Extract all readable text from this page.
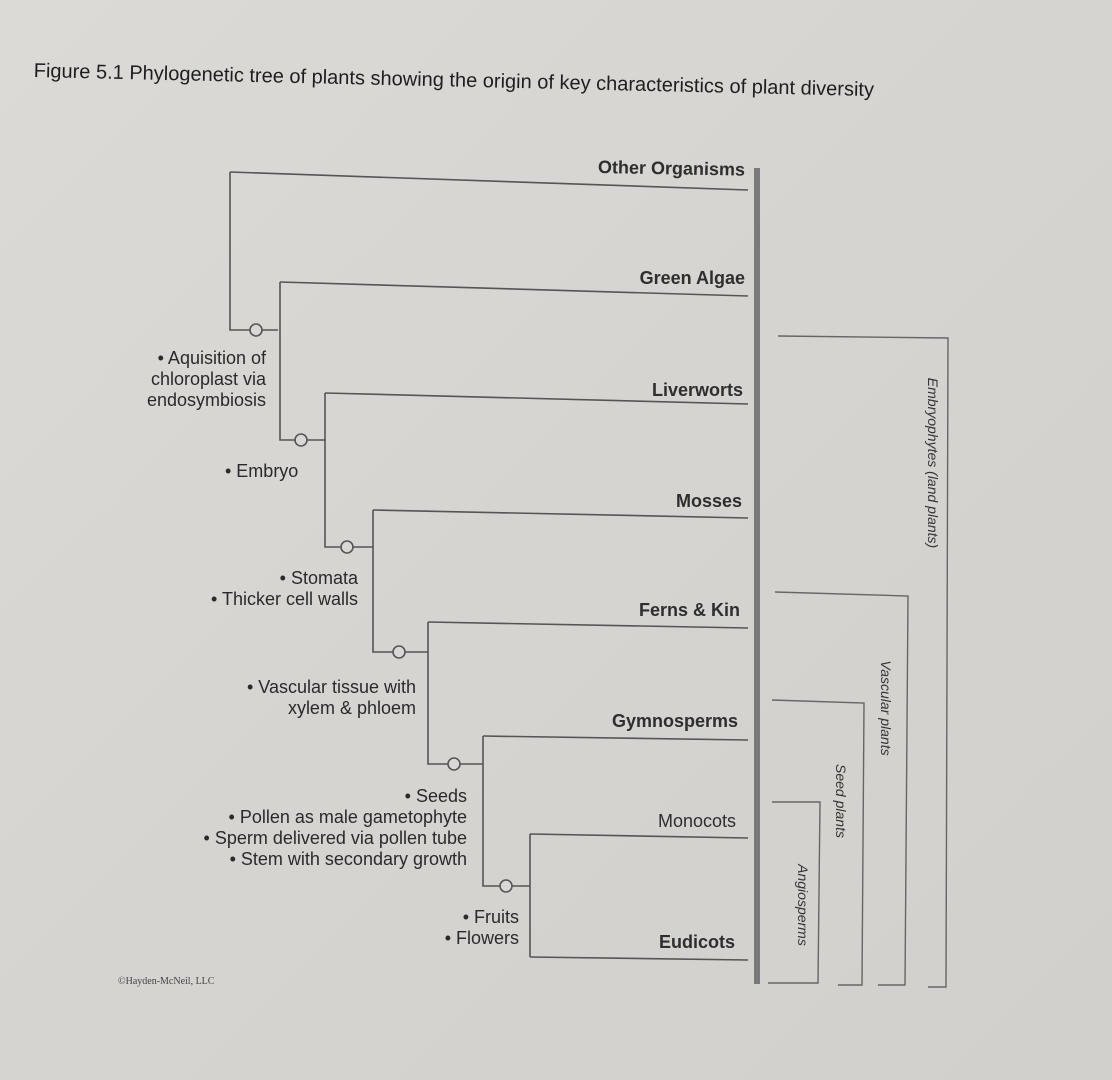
Figure 5.1 Phylogenetic tree of plants showing the origin of key characteristics of plant diversity
Other Organisms
Green Algae
Liverworts
Mosses
Ferns & Kin
Gymnosperms
Monocots
Eudicots

• Aquisition of
chloroplast via
endosymbiosis

• Embryo

• Stomata
• Thicker cell walls

• Vascular tissue with
xylem & phloem

• Seeds
• Pollen as male gametophyte
• Sperm delivered via pollen tube
• Stem with secondary growth

• Fruits
• Flowers

Embryophytes (land plants)
Vascular plants
Seed plants
Angiosperms
©Hayden-McNeil, LLC
